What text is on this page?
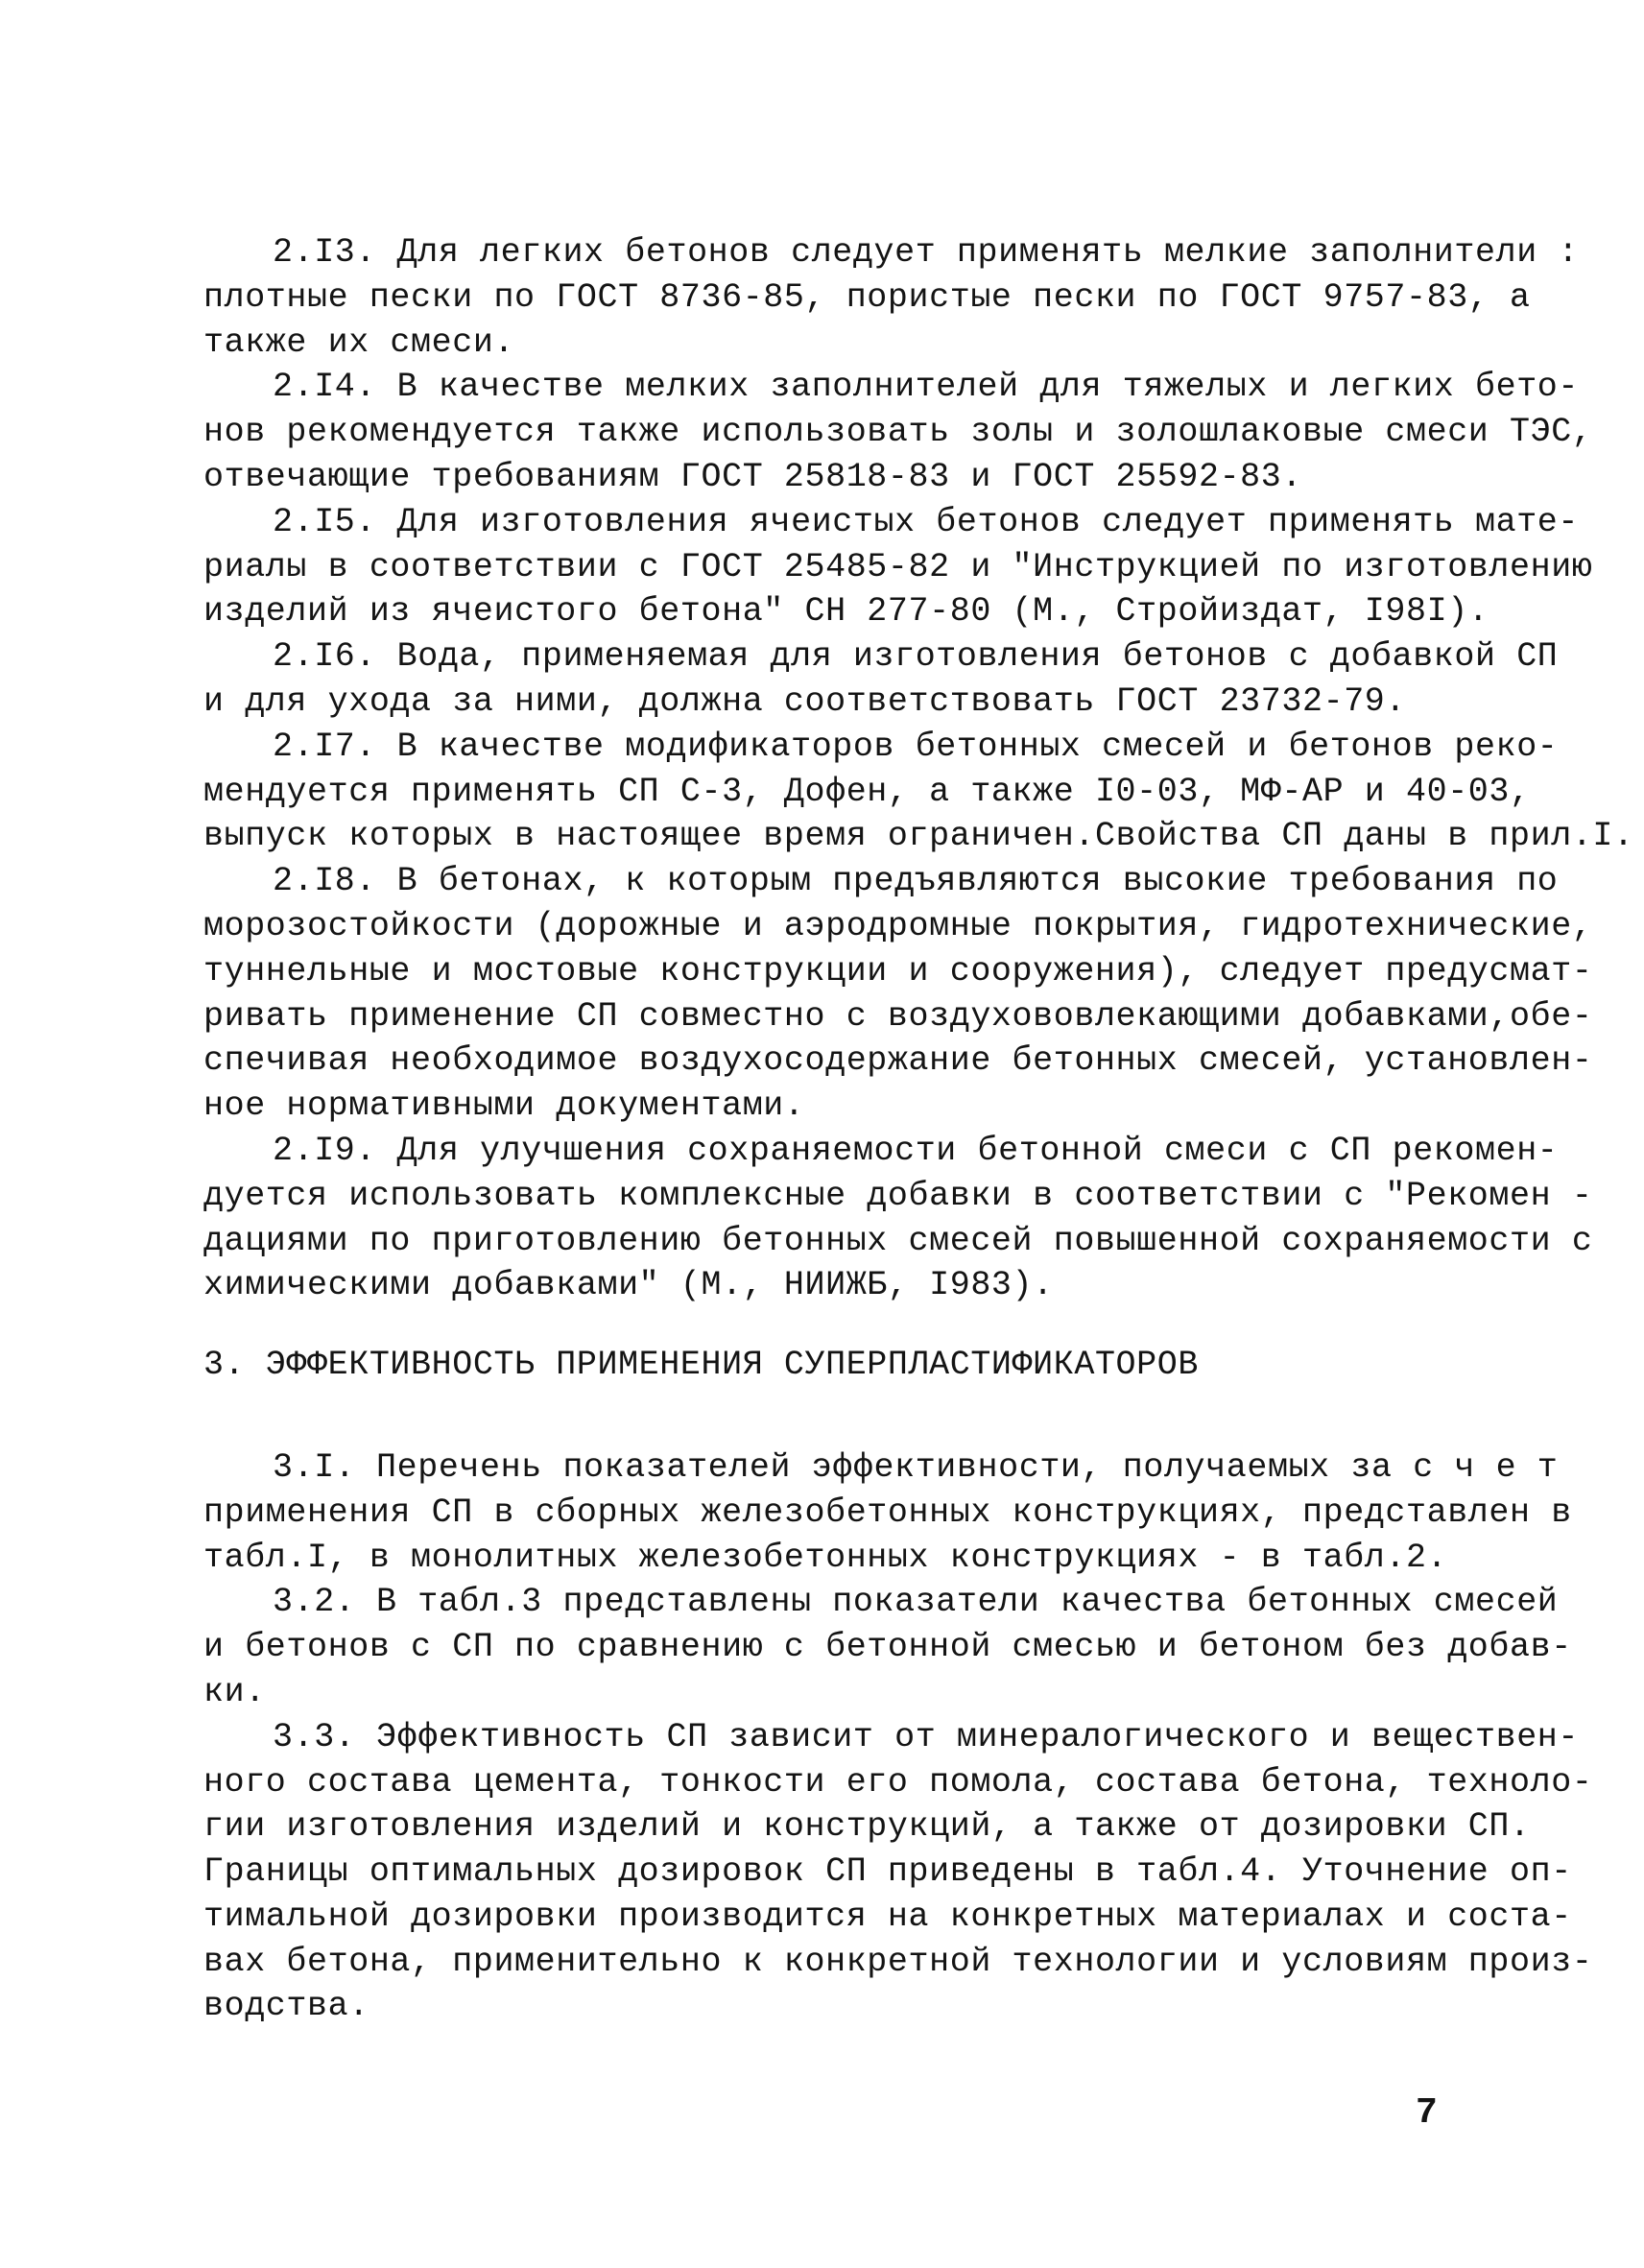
2.I3. Для легких бетонов следует применять мелкие заполнители :
плотные пески по ГОСТ 8736-85, пористые пески по ГОСТ 9757-83, а
также их смеси.
2.I4. В качестве мелких заполнителей для тяжелых и легких бето-
нов рекомендуется также использовать золы и золошлаковые смеси ТЭС,
отвечающие требованиям ГОСТ 25818-83 и ГОСТ 25592-83.
2.I5. Для изготовления ячеистых бетонов следует применять мате-
риалы в соответствии с ГОСТ 25485-82 и "Инструкцией по изготовлению
изделий из ячеистого бетона" СН 277-80 (М., Стройиздат, I98I).
2.I6. Вода, применяемая для изготовления бетонов с добавкой СП
и для ухода за ними, должна соответствовать ГОСТ 23732-79.
2.I7. В качестве модификаторов бетонных смесей и бетонов реко-
мендуется применять СП С-3, Дофен, а также I0-03, МФ-АР и 40-03,
выпуск которых в настоящее время ограничен.Свойства СП даны в прил.I.
2.I8. В бетонах, к которым предъявляются высокие требования по
морозостойкости (дорожные и аэродромные покрытия, гидротехнические,
туннельные и мостовые конструкции и сооружения), следует предусмат-
ривать применение СП совместно с воздухововлекающими добавками,обе-
спечивая необходимое воздухосодержание бетонных смесей, установлен-
ное нормативными документами.
2.I9. Для улучшения сохраняемости бетонной смеси с СП рекомен-
дуется использовать комплексные добавки в соответствии с "Рекомен -
дациями по приготовлению бетонных смесей повышенной сохраняемости с
химическими добавками" (М., НИИЖБ, I983).
3. ЭФФЕКТИВНОСТЬ ПРИМЕНЕНИЯ СУПЕРПЛАСТИФИКАТОРОВ
3.I. Перечень показателей эффективности, получаемых за с ч е т
применения СП в сборных железобетонных конструкциях, представлен в
табл.I, в монолитных железобетонных конструкциях - в табл.2.
3.2. В табл.3 представлены показатели качества бетонных смесей
и бетонов с СП по сравнению с бетонной смесью и бетоном без добав-
ки.
3.3. Эффективность СП зависит от минералогического и веществен-
ного состава цемента, тонкости его помола, состава бетона, техноло-
гии изготовления изделий и конструкций, а также от дозировки СП.
Границы оптимальных дозировок СП приведены в табл.4. Уточнение оп-
тимальной дозировки производится на конкретных материалах и соста-
вах бетона, применительно к конкретной технологии и условиям произ-
водства.
7
